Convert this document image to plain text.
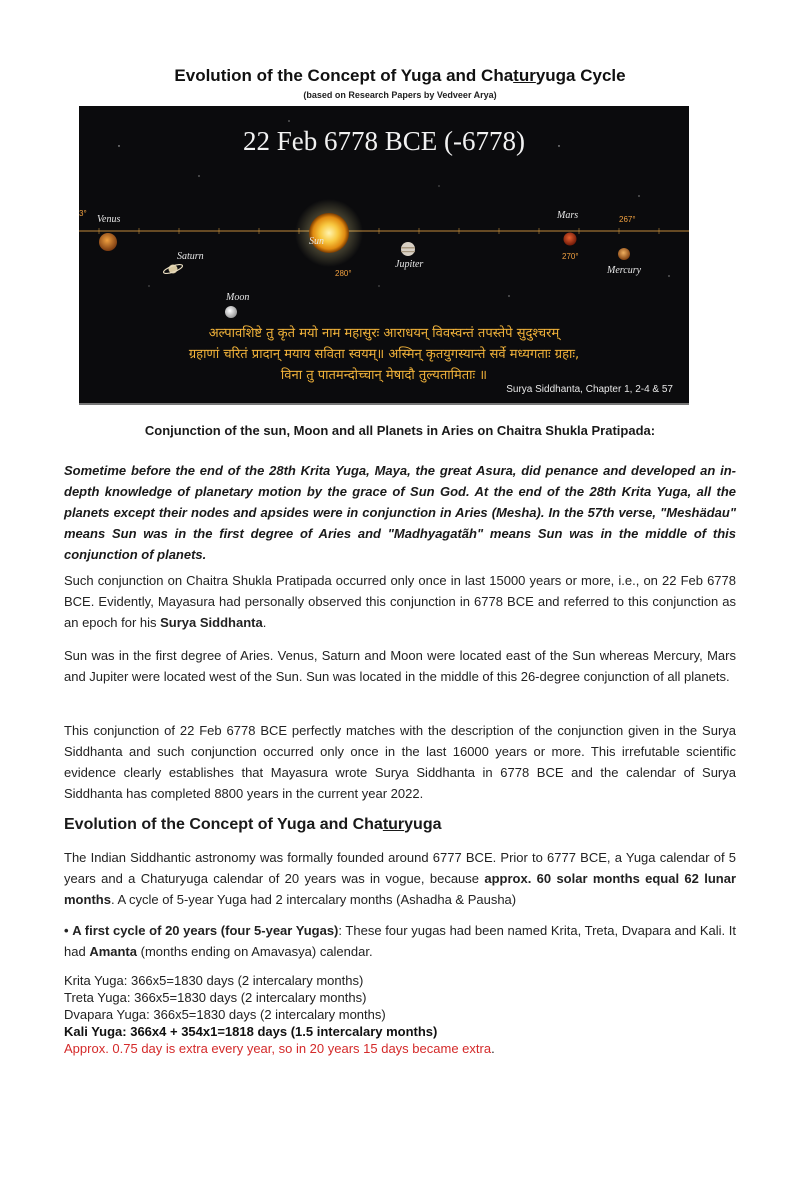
Evolution of the Concept of Yuga and Chaturyuga Cycle
(based on Research Papers by Vedveer Arya)
22 Feb 6778 BCE (-6778)
3°
267°
Venus
Saturn
Sun
280°
Jupiter
Moon
Mars
270°
Mercury
अल्पावशिष्टे तु कृते मयो नाम महासुरः आराधयन् विवस्वन्तं तपस्तेपे सुदुश्चरम्
ग्रहाणां चरितं प्रादान् मयाय सविता स्वयम्॥ अस्मिन् कृतयुगस्यान्ते सर्वे मध्यगताः ग्रहाः,
विना तु पातमन्दोच्चान् मेषादौ तुल्यतामिताः ॥
Surya Siddhanta, Chapter 1, 2-4 & 57
Conjunction of the sun, Moon and all Planets in Aries on Chaitra Shukla Pratipada:
Sometime before the end of the 28th Krita Yuga, Maya, the great Asura, did penance and developed an in-depth knowledge of planetary motion by the grace of Sun God. At the end of the 28th Krita Yuga, all the planets except their nodes and apsides were in conjunction in Aries (Mesha). In the 57th verse, "Meshädau" means Sun was in the first degree of Aries and "Madhyagatãh" means Sun was in the middle of this conjunction of planets.
Such conjunction on Chaitra Shukla Pratipada occurred only once in last 15000 years or more, i.e., on 22 Feb 6778 BCE. Evidently, Mayasura had personally observed this conjunction in 6778 BCE and referred to this conjunction as an epoch for his Surya Siddhanta.
Sun was in the first degree of Aries. Venus, Saturn and Moon were located east of the Sun whereas Mercury, Mars and Jupiter were located west of the Sun. Sun was located in the middle of this 26-degree conjunction of all planets.
This conjunction of 22 Feb 6778 BCE perfectly matches with the description of the conjunction given in the Surya Siddhanta and such conjunction occurred only once in the last 16000 years or more. This irrefutable scientific evidence clearly establishes that Mayasura wrote Surya Siddhanta in 6778 BCE and the calendar of Surya Siddhanta has completed 8800 years in the current year 2022.
Evolution of the Concept of Yuga and Chaturyuga
The Indian Siddhantic astronomy was formally founded around 6777 BCE. Prior to 6777 BCE, a Yuga calendar of 5 years and a Chaturyuga calendar of 20 years was in vogue, because approx. 60 solar months equal 62 lunar months. A cycle of 5-year Yuga had 2 intercalary months (Ashadha & Pausha)
• A first cycle of 20 years (four 5-year Yugas): These four yugas had been named Krita, Treta, Dvapara and Kali. It had Amanta (months ending on Amavasya) calendar.
Krita Yuga: 366x5=1830 days (2 intercalary months)
Treta Yuga: 366x5=1830 days (2 intercalary months)
Dvapara Yuga: 366x5=1830 days (2 intercalary months)
Kali Yuga: 366x4 + 354x1=1818 days (1.5 intercalary months)
Approx. 0.75 day is extra every year, so in 20 years 15 days became extra.
